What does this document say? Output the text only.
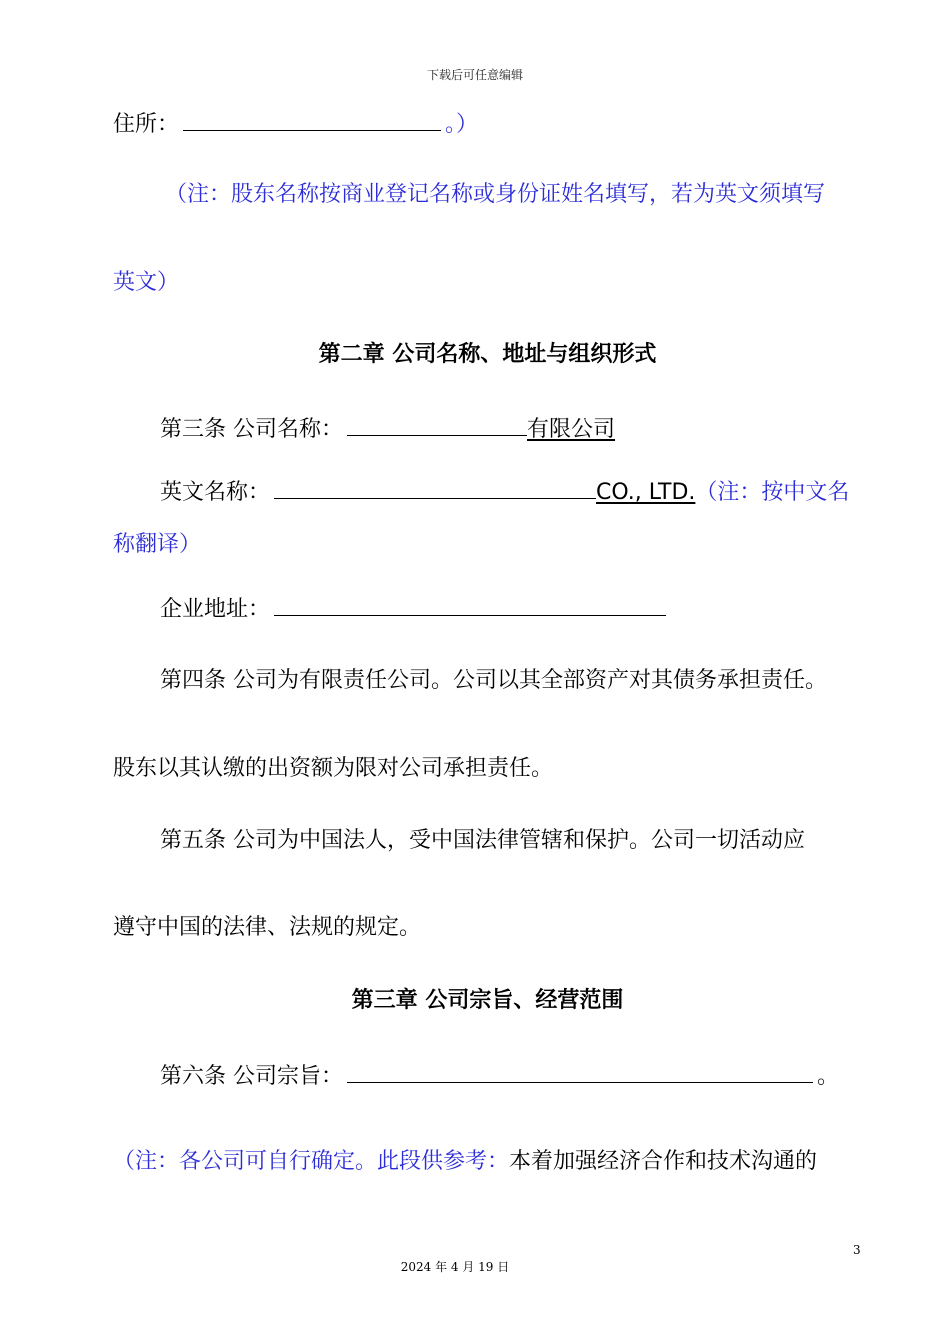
下载后可任意编辑
住所：	。）
（注：股东名称按商业登记名称或身份证姓名填写，若为英文须填写
英文）
第二章 公司名称、地址与组织形式
第三条 公司名称：	有限公司
英文名称：	CO., LTD.（注：按中文名
称翻译）
企业地址：
第四条 公司为有限责任公司。公司以其全部资产对其债务承担责任。
股东以其认缴的出资额为限对公司承担责任。
第五条 公司为中国法人，受中国法律管辖和保护。公司一切活动应
遵守中国的法律、法规的规定。
第三章 公司宗旨、经营范围
第六条 公司宗旨：	。
（注：各公司可自行确定。此段供参考：本着加强经济合作和技术沟通的
3
2024 年 4 月 19 日
